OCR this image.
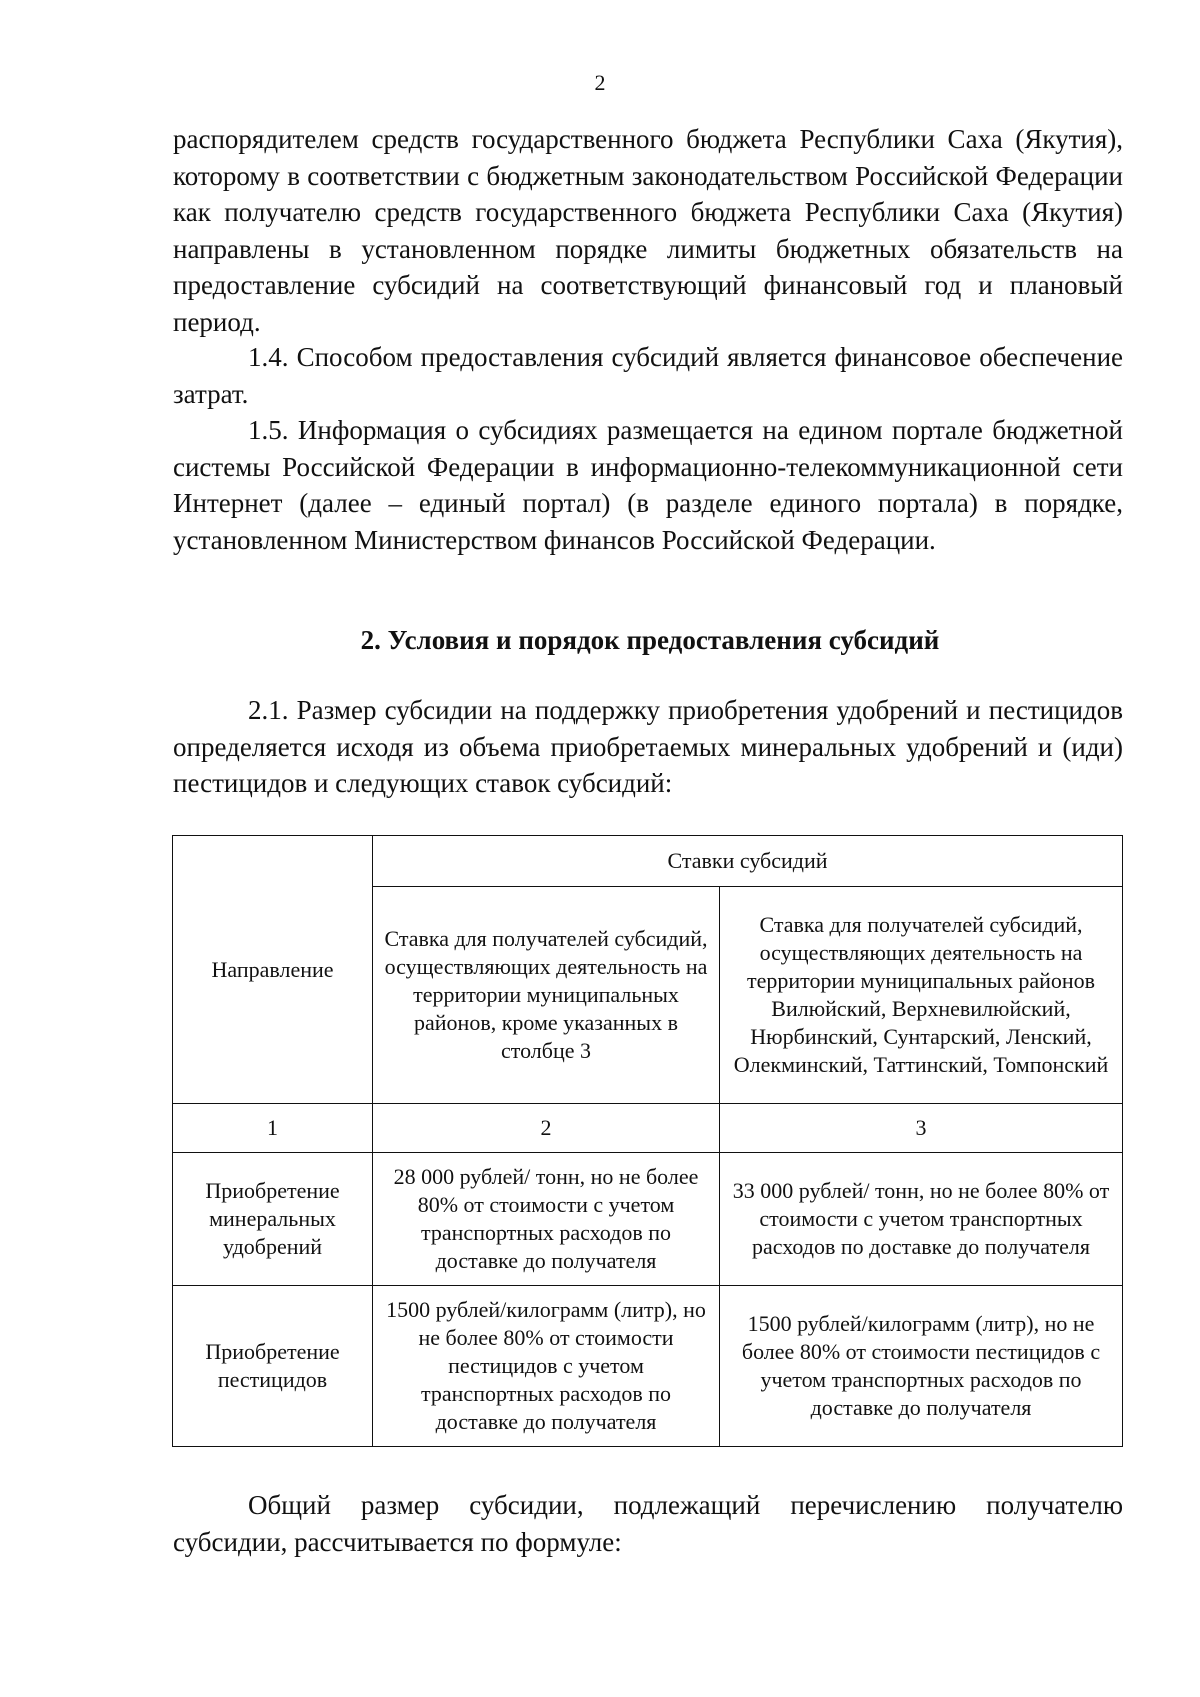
2

распорядителем средств государственного бюджета Республики Саха (Якутия), которому в соответствии с бюджетным законодательством Российской Федерации как получателю средств государственного бюджета Республики Саха (Якутия) направлены в установленном порядке лимиты бюджетных обязательств на предоставление субсидий на соответствующий финансовый год и плановый период.

1.4. Способом предоставления субсидий является финансовое обеспечение затрат.

1.5. Информация о субсидиях размещается на едином портале бюджетной системы Российской Федерации в информационно-телекоммуникационной сети Интернет (далее – единый портал) (в разделе единого портала) в порядке, установленном Министерством финансов Российской Федерации.

2. Условия и порядок предоставления субсидий

2.1. Размер субсидии на поддержку приобретения удобрений и пестицидов определяется исходя из объема приобретаемых минеральных удобрений и (иди) пестицидов и следующих ставок субсидий:

Направление	Ставки субсидий	
	Ставка для получателей субсидий, осуществляющих деятельность на территории муниципальных районов, кроме указанных в столбце 3	Ставка для получателей субсидий, осуществляющих деятельность на территории муниципальных районов Вилюйский, Верхневилюйский, Нюрбинский, Сунтарский, Ленский, Олекминский, Таттинский, Томпонский
1	2	3
Приобретение минеральных удобрений	28 000 рублей/ тонн, но не более 80% от стоимости с учетом транспортных расходов по доставке до получателя	33 000 рублей/ тонн, но не более 80% от стоимости с учетом транспортных расходов по доставке до получателя
Приобретение пестицидов	1500 рублей/килограмм (литр), но не более 80% от стоимости пестицидов с учетом транспортных расходов по доставке до получателя	1500 рублей/килограмм (литр), но не более 80% от стоимости пестицидов с учетом транспортных расходов по доставке до получателя

Общий размер субсидии, подлежащий перечислению получателю субсидии, рассчитывается по формуле:
